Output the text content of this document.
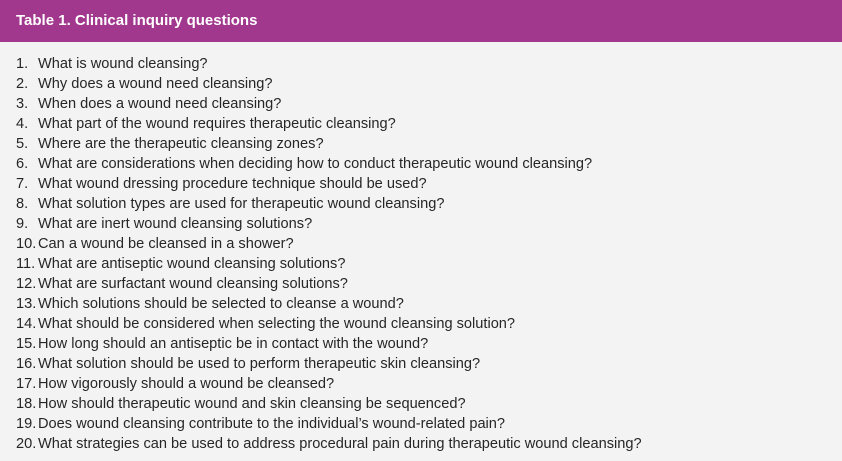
Table 1. Clinical inquiry questions
1. What is wound cleansing?
2. Why does a wound need cleansing?
3. When does a wound need cleansing?
4. What part of the wound requires therapeutic cleansing?
5. Where are the therapeutic cleansing zones?
6. What are considerations when deciding how to conduct therapeutic wound cleansing?
7. What wound dressing procedure technique should be used?
8. What solution types are used for therapeutic wound cleansing?
9. What are inert wound cleansing solutions?
10. Can a wound be cleansed in a shower?
11. What are antiseptic wound cleansing solutions?
12. What are surfactant wound cleansing solutions?
13. Which solutions should be selected to cleanse a wound?
14. What should be considered when selecting the wound cleansing solution?
15. How long should an antiseptic be in contact with the wound?
16. What solution should be used to perform therapeutic skin cleansing?
17. How vigorously should a wound be cleansed?
18. How should therapeutic wound and skin cleansing be sequenced?
19. Does wound cleansing contribute to the individual’s wound-related pain?
20. What strategies can be used to address procedural pain during therapeutic wound cleansing?
